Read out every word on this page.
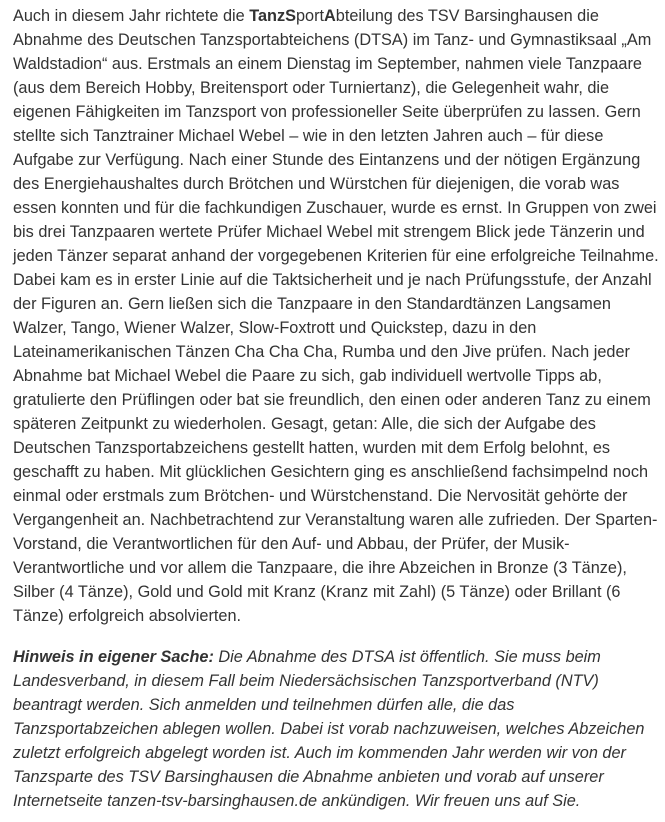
Auch in diesem Jahr richtete die TanzSportAbteilung des TSV Barsinghausen die Abnahme des Deutschen Tanzsportabteichens (DTSA) im Tanz- und Gymnastiksaal „Am Waldstadion“ aus. Erstmals an einem Dienstag im September, nahmen viele Tanzpaare (aus dem Bereich Hobby, Breitensport oder Turniertanz), die Gelegenheit wahr, die eigenen Fähigkeiten im Tanzsport von professioneller Seite überprüfen zu lassen. Gern stellte sich Tanztrainer Michael Webel – wie in den letzten Jahren auch – für diese Aufgabe zur Verfügung. Nach einer Stunde des Eintanzens und der nötigen Ergänzung des Energiehaushaltes durch Brötchen und Würstchen für diejenigen, die vorab was essen konnten und für die fachkundigen Zuschauer, wurde es ernst. In Gruppen von zwei bis drei Tanzpaaren wertete Prüfer Michael Webel mit strengem Blick jede Tänzerin und jeden Tänzer separat anhand der vorgegebenen Kriterien für eine erfolgreiche Teilnahme. Dabei kam es in erster Linie auf die Taktsicherheit und je nach Prüfungsstufe, der Anzahl der Figuren an. Gern ließen sich die Tanzpaare in den Standardtänzen Langsamen Walzer, Tango, Wiener Walzer, Slow-Foxtrott und Quickstep, dazu in den Lateinamerikanischen Tänzen Cha Cha Cha, Rumba und den Jive prüfen. Nach jeder Abnahme bat Michael Webel die Paare zu sich, gab individuell wertvolle Tipps ab, gratulierte den Prüflingen oder bat sie freundlich, den einen oder anderen Tanz zu einem späteren Zeitpunkt zu wiederholen. Gesagt, getan: Alle, die sich der Aufgabe des Deutschen Tanzsportabzeichens gestellt hatten, wurden mit dem Erfolg belohnt, es geschafft zu haben. Mit glücklichen Gesichtern ging es anschließend fachsimpelnd noch einmal oder erstmals zum Brötchen- und Würstchenstand. Die Nervosität gehörte der Vergangenheit an. Nachbetrachtend zur Veranstaltung waren alle zufrieden. Der Sparten-Vorstand, die Verantwortlichen für den Auf- und Abbau, der Prüfer, der Musik-Verantwortliche und vor allem die Tanzpaare, die ihre Abzeichen in Bronze (3 Tänze), Silber (4 Tänze), Gold und Gold mit Kranz (Kranz mit Zahl) (5 Tänze) oder Brillant (6 Tänze) erfolgreich absolvierten.

Hinweis in eigener Sache: Die Abnahme des DTSA ist öffentlich. Sie muss beim Landesverband, in diesem Fall beim Niedersächsischen Tanzsportverband (NTV) beantragt werden. Sich anmelden und teilnehmen dürfen alle, die das Tanzsportabzeichen ablegen wollen. Dabei ist vorab nachzuweisen, welches Abzeichen zuletzt erfolgreich abgelegt worden ist. Auch im kommenden Jahr werden wir von der Tanzsparte des TSV Barsinghausen die Abnahme anbieten und vorab auf unserer Internetseite tanzen-tsv-barsinghausen.de ankündigen. Wir freuen uns auf Sie.
